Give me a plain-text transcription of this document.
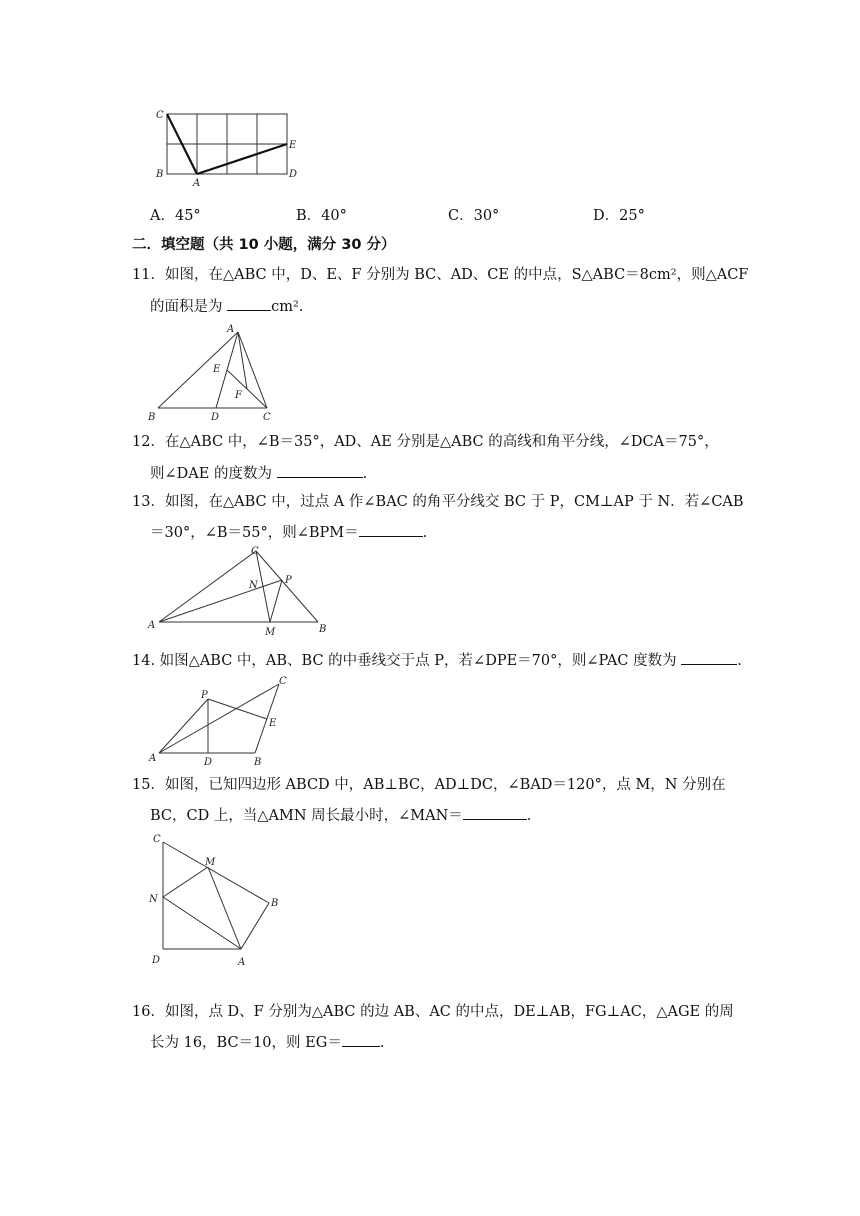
C
B
A
E
D
A．45°	B．40°	C．30°	D．25°
二．填空题（共 10 小题，满分 30 分）
11．如图，在△ABC 中，D、E、F 分别为 BC、AD、CE 的中点，S△ABC＝8cm²，则△ACF
的面积是为	cm².
A
E
F
B	D	C
12．在△ABC 中，∠B＝35°，AD、AE 分别是△ABC 的高线和角平分线，∠DCA＝75°，
则∠DAE 的度数为	.
13．如图，在△ABC 中，过点 A 作∠BAC 的角平分线交 BC 于 P，CM⊥AP 于 N．若∠CAB
＝30°，∠B＝55°，则∠BPM＝	.
C
N	P
A
M	B
14. 如图△ABC 中，AB、BC 的中垂线交于点 P，若∠DPE＝70°，则∠PAC 度数为	.
P
C
E
A	D	B
15．如图，已知四边形 ABCD 中，AB⊥BC，AD⊥DC，∠BAD＝120°，点 M，N 分别在
BC，CD 上，当△AMN 周长最小时，∠MAN＝	.
C
M
N	B
D	A
16．如图，点 D、F 分别为△ABC 的边 AB、AC 的中点，DE⊥AB，FG⊥AC，△AGE 的周
长为 16，BC＝10，则 EG＝	.
